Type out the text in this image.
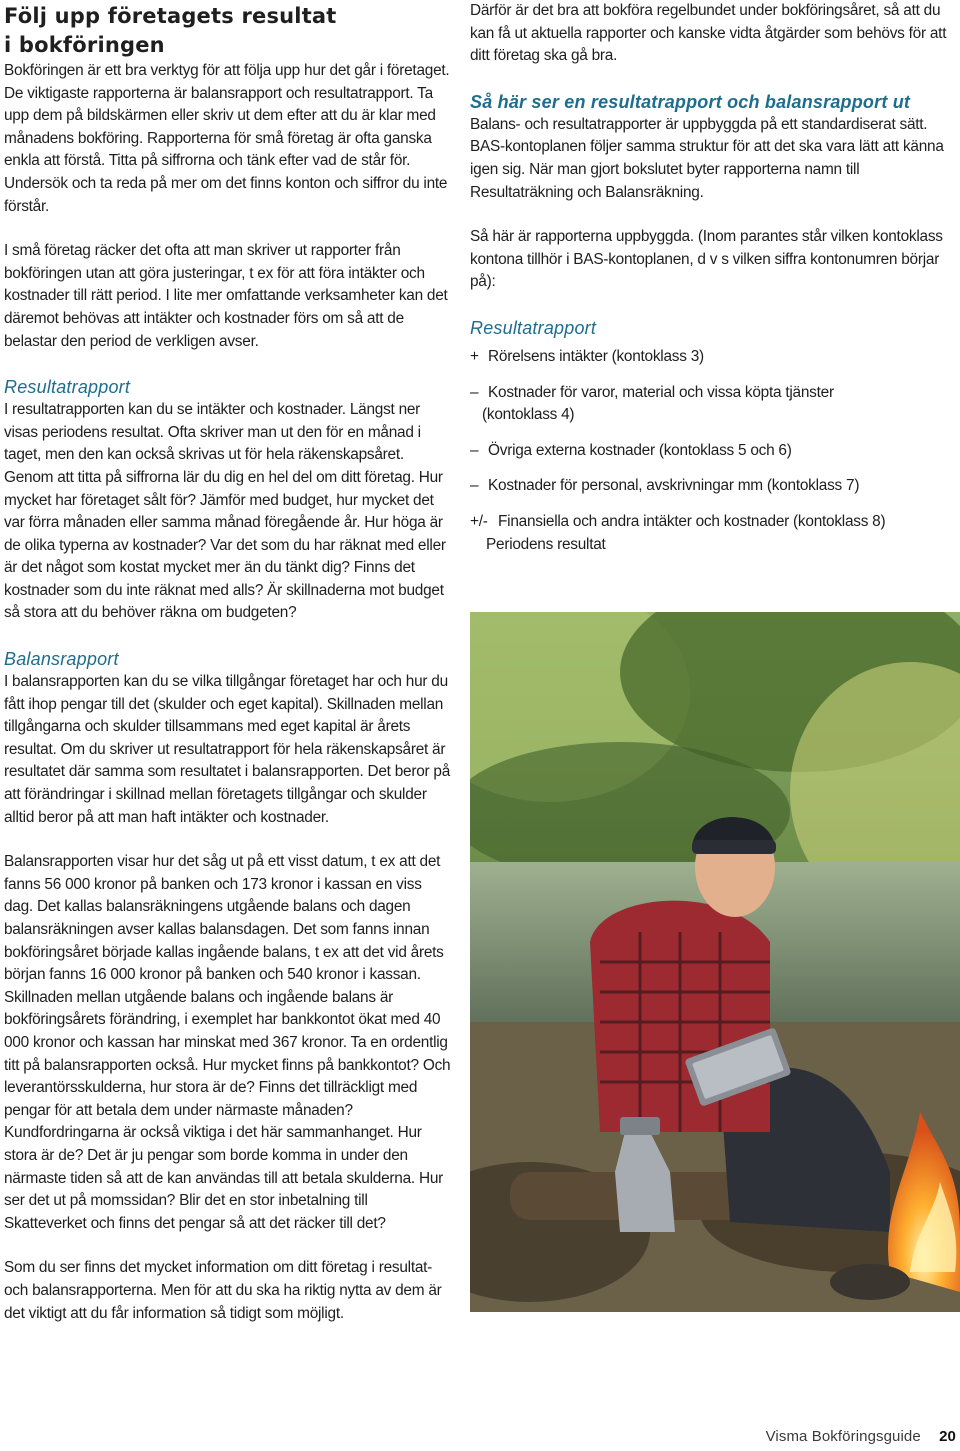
Följ upp företagets resultat
i bokföringen

Bokföringen är ett bra verktyg för att följa upp hur det går i företaget. De viktigaste rapporterna är balansrapport och resultatrapport. Ta upp dem på bildskärmen eller skriv ut dem efter att du är klar med månadens bokföring. Rapporterna för små företag är ofta ganska enkla att förstå. Titta på siffrorna och tänk efter vad de står för. Undersök och ta reda på mer om det finns konton och siffror du inte förstår.

I små företag räcker det ofta att man skriver ut rapporter från bokföringen utan att göra justeringar, t ex för att föra intäkter och kostnader till rätt period. I lite mer omfattande verksamheter kan det däremot behövas att intäkter och kostnader förs om så att de belastar den period de verkligen avser.

Resultatrapport

I resultatrapporten kan du se intäkter och kostnader. Längst ner visas periodens resultat. Ofta skriver man ut den för en månad i taget, men den kan också skrivas ut för hela räkenskapsåret. Genom att titta på siffrorna lär du dig en hel del om ditt företag. Hur mycket har företaget sålt för? Jämför med budget, hur mycket det var förra månaden eller samma månad föregående år. Hur höga är de olika typerna av kostnader? Var det som du har räknat med eller är det något som kostat mycket mer än du tänkt dig? Finns det kostnader som du inte räknat med alls? Är skillnaderna mot budget så stora att du behöver räkna om budgeten?

Balansrapport

I balansrapporten kan du se vilka tillgångar företaget har och hur du fått ihop pengar till det (skulder och eget kapital). Skillnaden mellan tillgångarna och skulder tillsammans med eget kapital är årets resultat. Om du skriver ut resultatrapport för hela räkenskapsåret är resultatet där samma som resultatet i balansrapporten. Det beror på att förändringar i skillnad mellan företagets tillgångar och skulder alltid beror på att man haft intäkter och kostnader.

Balansrapporten visar hur det såg ut på ett visst datum, t ex att det fanns 56 000 kronor på banken och 173 kronor i kassan en viss dag. Det kallas balansräkningens utgående balans och dagen balansräkningen avser kallas balansdagen. Det som fanns innan bokföringsåret började kallas ingående balans, t ex att det vid årets början fanns 16 000 kronor på banken och 540 kronor i kassan. Skillnaden mellan utgående balans och ingående balans är bokföringsårets förändring, i exemplet har bankkontot ökat med 40 000 kronor och kassan har minskat med 367 kronor. Ta en ordentlig titt på balansrapporten också. Hur mycket finns på bankkontot? Och leverantörsskulderna, hur stora är de? Finns det tillräckligt med pengar för att betala dem under närmaste månaden? Kundfordringarna är också viktiga i det här sammanhanget. Hur stora är de? Det är ju pengar som borde komma in under den närmaste tiden så att de kan användas till att betala skulderna. Hur ser det ut på momssidan? Blir det en stor inbetalning till Skatteverket och finns det pengar så att det räcker till det?

Som du ser finns det mycket information om ditt företag i resultat- och balansrapporterna. Men för att du ska ha riktig nytta av dem är det viktigt att du får information så tidigt som möjligt.

Därför är det bra att bokföra regelbundet under bokföringsåret, så att du kan få ut aktuella rapporter och kanske vidta åtgärder som behövs för att ditt företag ska gå bra.

Så här ser en resultatrapport och balansrapport ut

Balans- och resultatrapporter är uppbyggda på ett standardiserat sätt. BAS-kontoplanen följer samma struktur för att det ska vara lätt att känna igen sig. När man gjort bokslutet byter rapporterna namn till Resultaträkning och Balansräkning.

Så här är rapporterna uppbyggda. (Inom parantes står vilken kontoklass kontona tillhör i BAS-kontoplanen, d v s vilken siffra kontonumren börjar på):

Resultatrapport
+ Rörelsens intäkter (kontoklass 3)
– Kostnader för varor, material och vissa köpta tjänster
(kontoklass 4)
– Övriga externa kostnader (kontoklass 5 och 6)
– Kostnader för personal, avskrivningar mm (kontoklass 7)
+/- Finansiella och andra intäkter och kostnader (kontoklass 8)
Periodens resultat
Visma Bokföringsguide 20
